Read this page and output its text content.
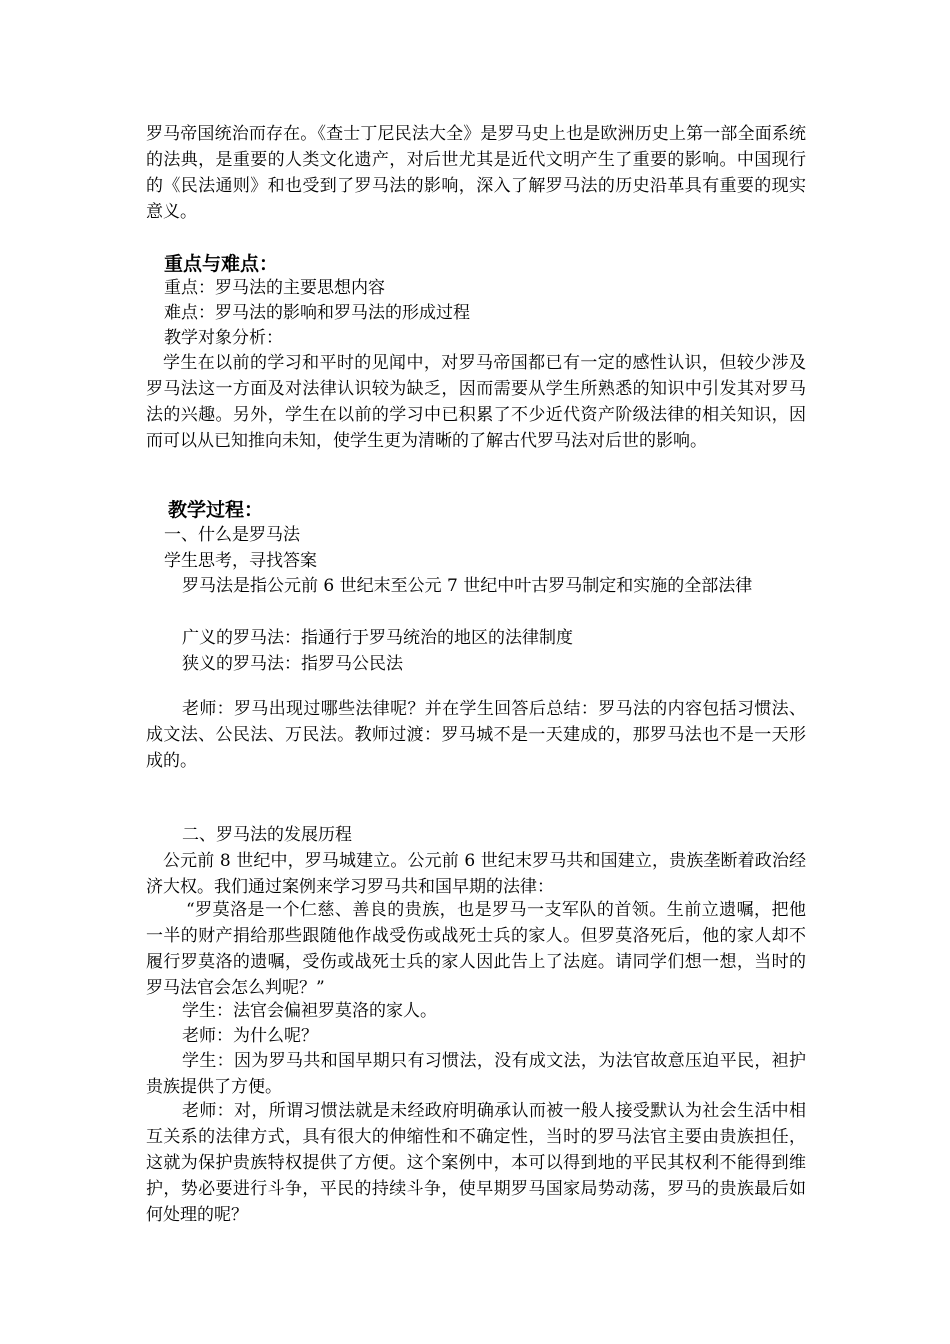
罗马帝国统治而存在。《查士丁尼民法大全》是罗马史上也是欧洲历史上第一部全面系统的法典，是重要的人类文化遗产，对后世尤其是近代文明产生了重要的影响。中国现行的《民法通则》和也受到了罗马法的影响，深入了解罗马法的历史沿革具有重要的现实意义。

重点与难点：

重点：罗马法的主要思想内容

难点：罗马法的影响和罗马法的形成过程

教学对象分析：

学生在以前的学习和平时的见闻中，对罗马帝国都已有一定的感性认识，但较少涉及罗马法这一方面及对法律认识较为缺乏，因而需要从学生所熟悉的知识中引发其对罗马法的兴趣。另外，学生在以前的学习中已积累了不少近代资产阶级法律的相关知识，因而可以从已知推向未知，使学生更为清晰的了解古代罗马法对后世的影响。

教学过程：

一、什么是罗马法

学生思考，寻找答案

罗马法是指公元前 6 世纪末至公元 7 世纪中叶古罗马制定和实施的全部法律

广义的罗马法：指通行于罗马统治的地区的法律制度

狭义的罗马法：指罗马公民法

老师：罗马出现过哪些法律呢？并在学生回答后总结：罗马法的内容包括习惯法、成文法、公民法、万民法。教师过渡：罗马城不是一天建成的，那罗马法也不是一天形成的。

二、罗马法的发展历程

公元前 8 世纪中，罗马城建立。公元前 6 世纪末罗马共和国建立，贵族垄断着政治经济大权。我们通过案例来学习罗马共和国早期的法律：

“罗莫洛是一个仁慈、善良的贵族，也是罗马一支军队的首领。生前立遗嘱，把他一半的财产捐给那些跟随他作战受伤或战死士兵的家人。但罗莫洛死后，他的家人却不履行罗莫洛的遗嘱，受伤或战死士兵的家人因此告上了法庭。请同学们想一想，当时的罗马法官会怎么判呢？”

学生：法官会偏袒罗莫洛的家人。

老师：为什么呢？

学生：因为罗马共和国早期只有习惯法，没有成文法，为法官故意压迫平民，袒护贵族提供了方便。

老师：对，所谓习惯法就是未经政府明确承认而被一般人接受默认为社会生活中相互关系的法律方式，具有很大的伸缩性和不确定性，当时的罗马法官主要由贵族担任，这就为保护贵族特权提供了方便。这个案例中，本可以得到地的平民其权利不能得到维护，势必要进行斗争，平民的持续斗争，使早期罗马国家局势动荡，罗马的贵族最后如何处理的呢？
